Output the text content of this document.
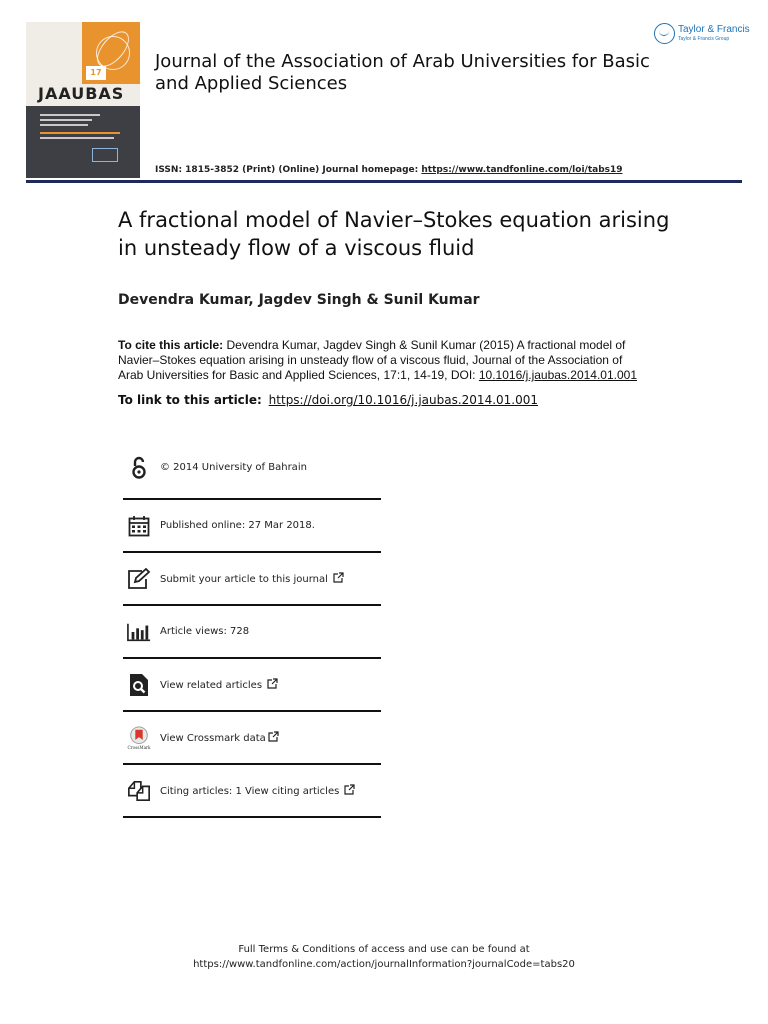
17
JAAUBAS
Journal of the Association of Arab Universities for Basic and Applied Sciences
Taylor & Francis
Taylor & Francis Group
ISSN: 1815-3852 (Print) (Online) Journal homepage: https://www.tandfonline.com/loi/tabs19
A fractional model of Navier–Stokes equation arising in unsteady flow of a viscous fluid
Devendra Kumar, Jagdev Singh & Sunil Kumar
To cite this article: Devendra Kumar, Jagdev Singh & Sunil Kumar (2015) A fractional model of Navier–Stokes equation arising in unsteady flow of a viscous fluid, Journal of the Association of Arab Universities for Basic and Applied Sciences, 17:1, 14-19, DOI: 10.1016/j.jaubas.2014.01.001
To link to this article: https://doi.org/10.1016/j.jaubas.2014.01.001
© 2014 University of Bahrain
Published online: 27 Mar 2018.
Submit your article to this journal
Article views: 728
View related articles
CrossMark
View Crossmark data
Citing articles: 1 View citing articles
Full Terms & Conditions of access and use can be found at
https://www.tandfonline.com/action/journalInformation?journalCode=tabs20
